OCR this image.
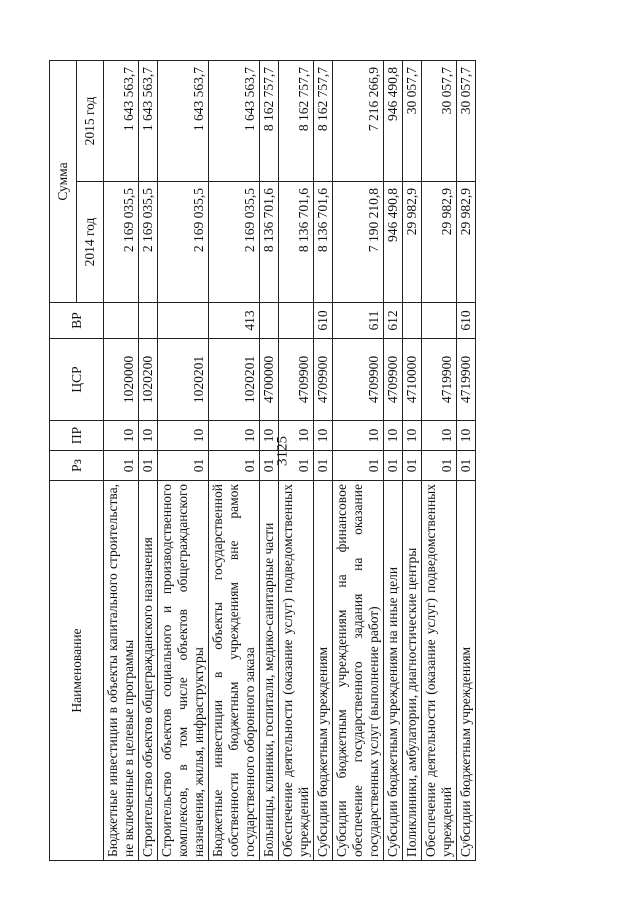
3125
Наименование	Рз	ПР	ЦСР	ВР	Сумма	
					2014 год	2015 год
Бюджетные инвестиции в объекты капитального строительства, не включенные в целевые программы	01	10	1020000		2 169 035,5	1 643 563,7
Строительство объектов общегражданского назначения	01	10	1020200		2 169 035,5	1 643 563,7
Строительство объектов социального и производственного комплексов, в том числе объектов общегражданского назначения, жилья, инфраструктуры	01	10	1020201		2 169 035,5	1 643 563,7
Бюджетные инвестиции в объекты государственной собственности бюджетным учреждениям вне рамок государственного оборонного заказа	01	10	1020201	413	2 169 035,5	1 643 563,7
Больницы, клиники, госпитали, медико-санитарные части	01	10	4700000		8 136 701,6	8 162 757,7
Обеспечение деятельности (оказание услуг) подведомственных учреждений	01	10	4709900		8 136 701,6	8 162 757,7
Субсидии бюджетным учреждениям	01	10	4709900	610	8 136 701,6	8 162 757,7
Субсидии бюджетным учреждениям на финансовое обеспечение государственного задания на оказание государственных услуг (выполнение работ)	01	10	4709900	611	7 190 210,8	7 216 266,9
Субсидии бюджетным учреждениям на иные цели	01	10	4709900	612	946 490,8	946 490,8
Поликлиники, амбулатории, диагностические центры	01	10	4710000		29 982,9	30 057,7
Обеспечение деятельности (оказание услуг) подведомственных учреждений	01	10	4719900		29 982,9	30 057,7
Субсидии бюджетным учреждениям	01	10	4719900	610	29 982,9	30 057,7
